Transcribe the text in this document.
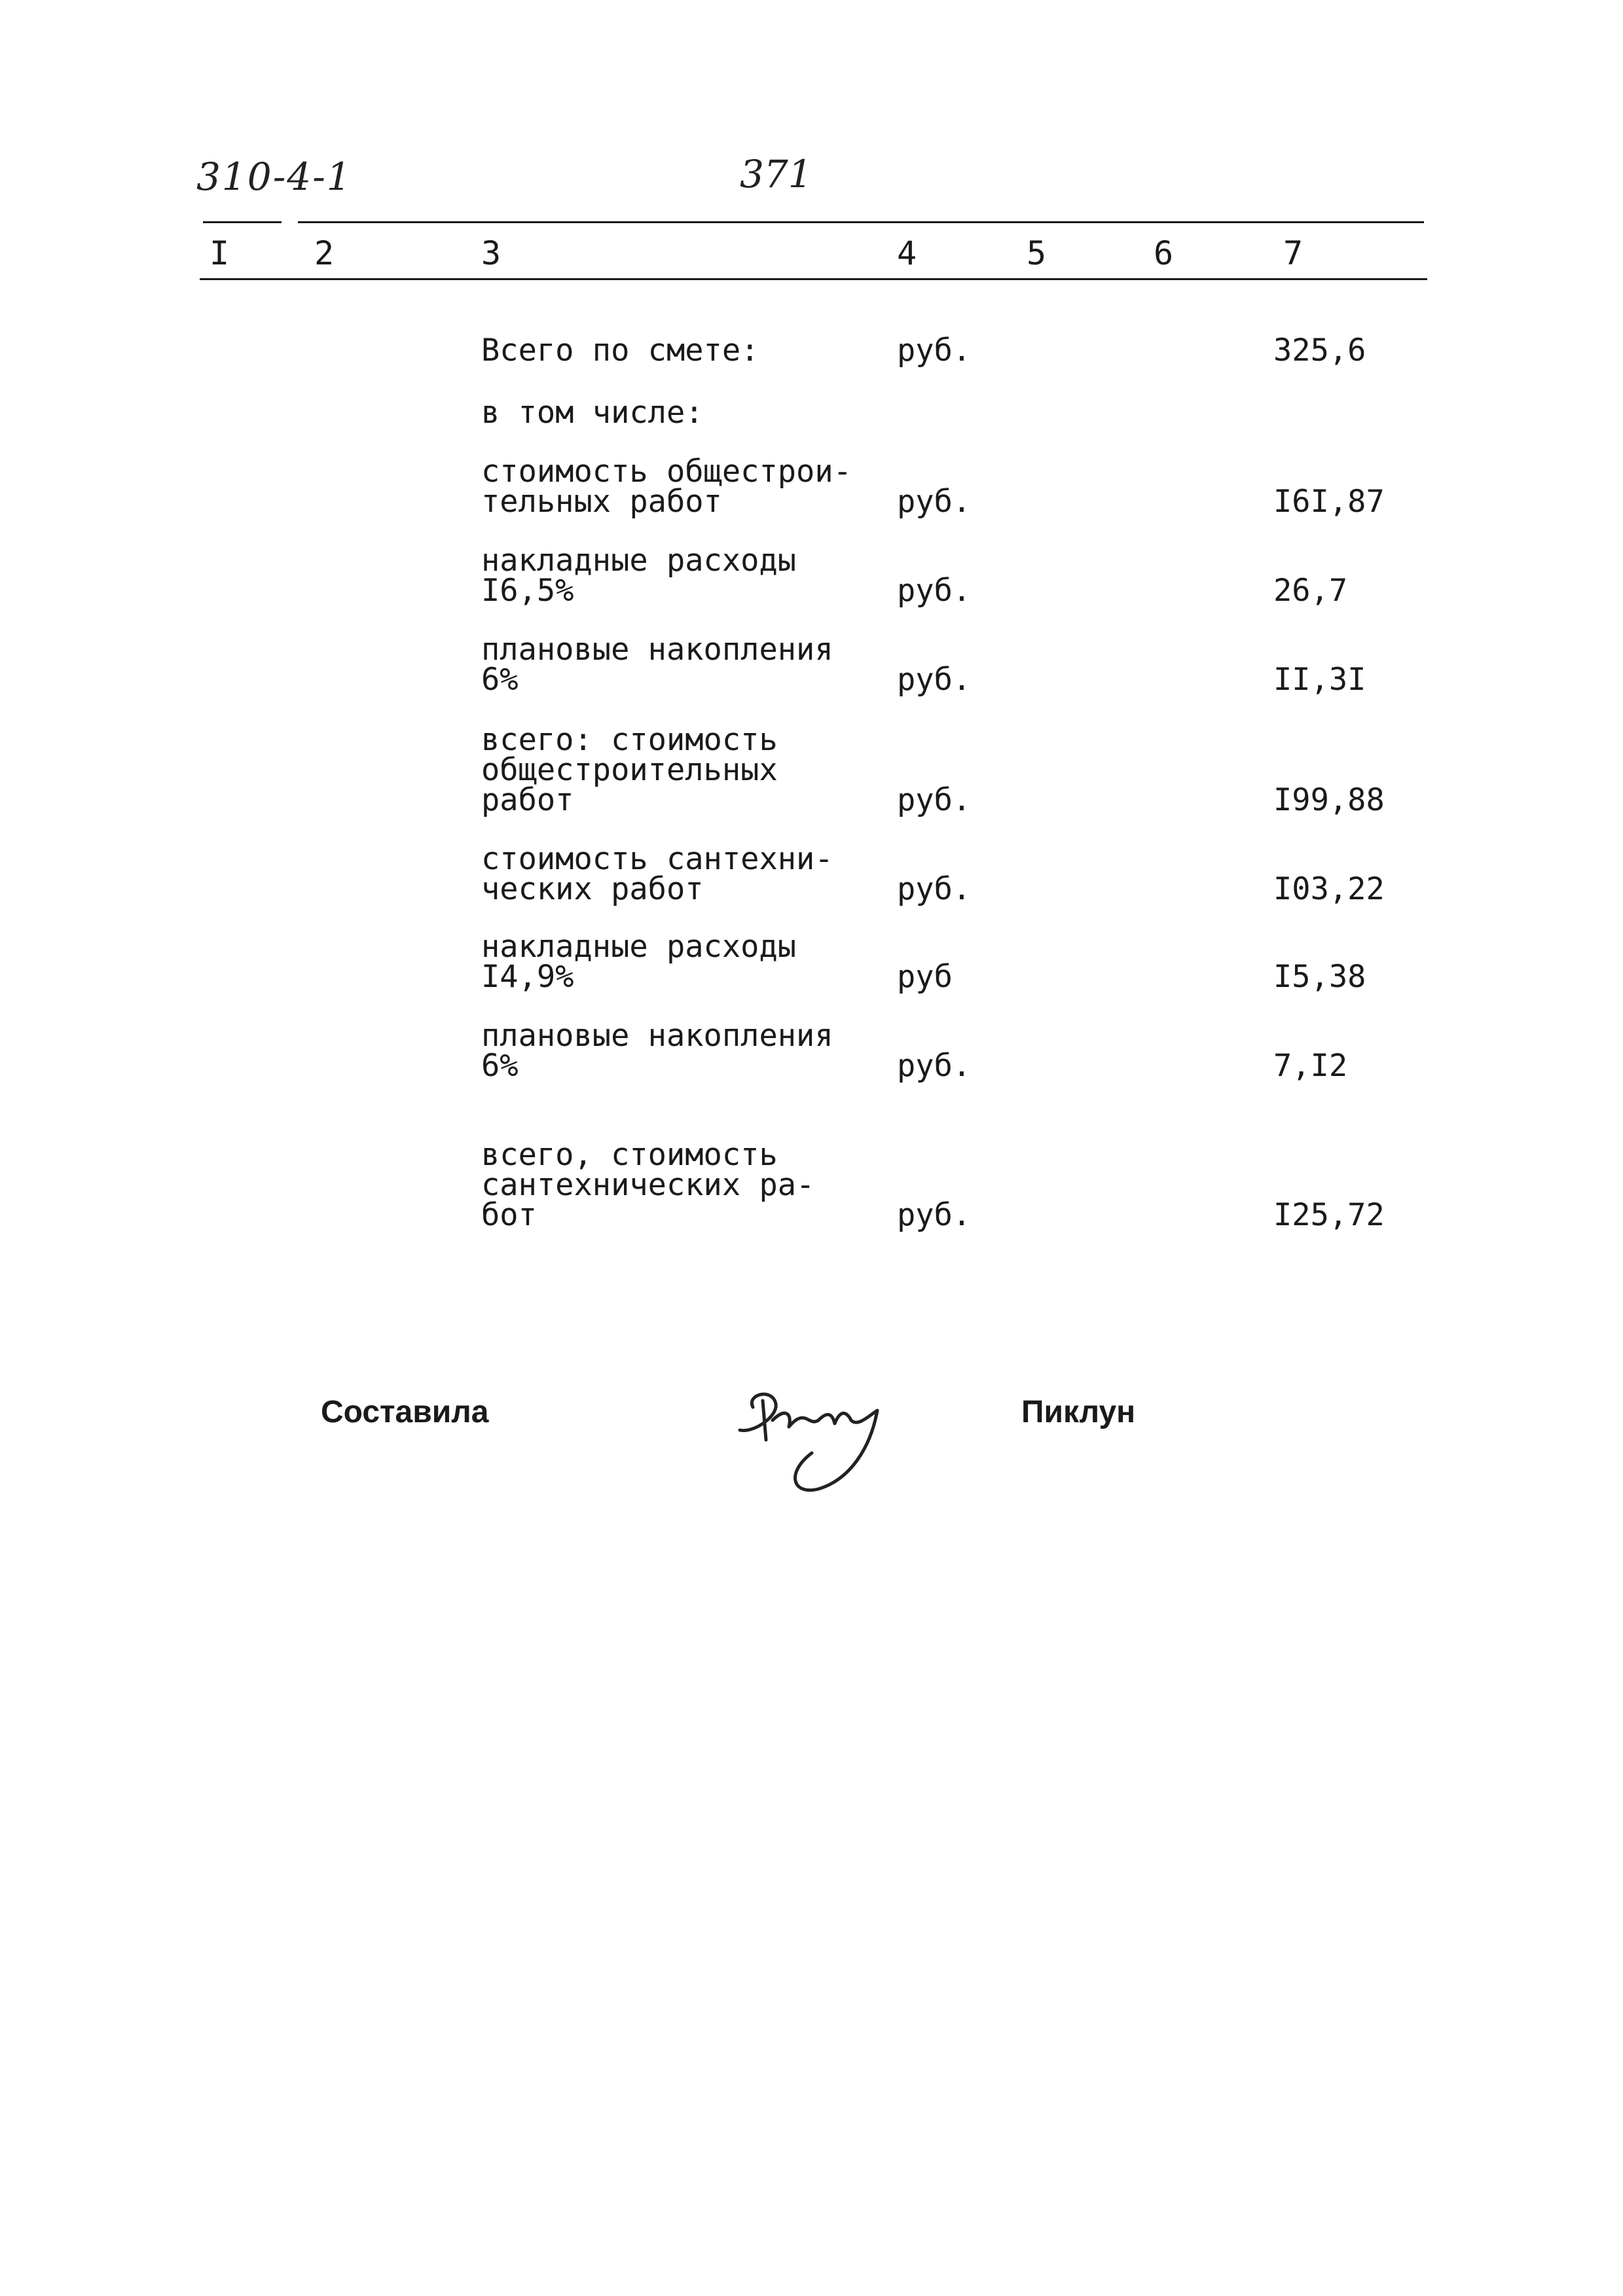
310-4-1	371
I	2	3	4	5	6	7
Всего по смете:	руб.	325,6
в том числе:
стоимость общестрои-
тельных работ	руб.	I6I,87
накладные расходы
I6,5%	руб.	26,7
плановые накопления
6%	руб.	II,3I
всего: стоимость
общестроительных
работ	руб.	I99,88
стоимость сантехни-
ческих работ	руб.	I03,22
накладные расходы
I4,9%	руб	I5,38
плановые накопления
6%	руб.	7,I2
всего, стоимость
сантехнических ра-
бот	руб.	I25,72
Составила	Пиклун
